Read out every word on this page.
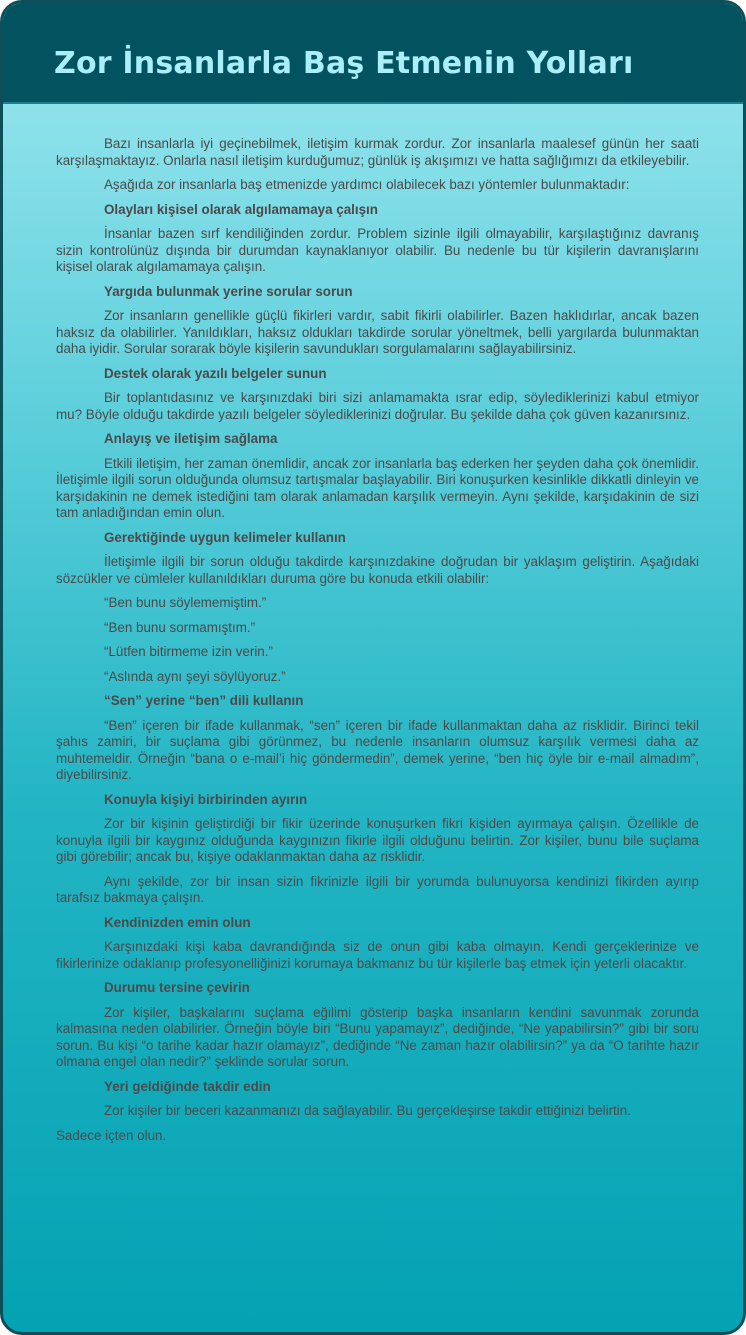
Zor İnsanlarla Baş Etmenin Yolları

Bazı insanlarla iyi geçinebilmek, iletişim kurmak zordur. Zor insanlarla maalesef günün her saati karşılaşmaktayız. Onlarla nasıl iletişim kurduğumuz; günlük iş akışımızı ve hatta sağlığımızı da etkileyebilir.

Aşağıda zor insanlarla baş etmenizde yardımcı olabilecek bazı yöntemler bulunmaktadır:

Olayları kişisel olarak algılamamaya çalışın

İnsanlar bazen sırf kendiliğinden zordur. Problem sizinle ilgili olmayabilir, karşılaştığınız davranış sizin kontrolünüz dışında bir durumdan kaynaklanıyor olabilir. Bu nedenle bu tür kişilerin davranışlarını kişisel olarak algılamamaya çalışın.

Yargıda bulunmak yerine sorular sorun

Zor insanların genellikle güçlü fikirleri vardır, sabit fikirli olabilirler. Bazen haklıdırlar, ancak bazen haksız da olabilirler. Yanıldıkları, haksız oldukları takdirde sorular yöneltmek, belli yargılarda bulunmaktan daha iyidir. Sorular sorarak böyle kişilerin savundukları sorgulamalarını sağlayabilirsiniz.

Destek olarak yazılı belgeler sunun

Bir toplantıdasınız ve karşınızdaki biri sizi anlamamakta ısrar edip, söylediklerinizi kabul etmiyor mu? Böyle olduğu takdirde yazılı belgeler söylediklerinizi doğrular. Bu şekilde daha çok güven kazanırsınız.

Anlayış ve iletişim sağlama

Etkili iletişim, her zaman önemlidir, ancak zor insanlarla baş ederken her şeyden daha çok önemlidir. İletişimle ilgili sorun olduğunda olumsuz tartışmalar başlayabilir. Biri konuşurken kesinlikle dikkatli dinleyin ve karşıdakinin ne demek istediğini tam olarak anlamadan karşılık vermeyin. Aynı şekilde, karşıdakinin de sizi tam anladığından emin olun.

Gerektiğinde uygun kelimeler kullanın

İletişimle ilgili bir sorun olduğu takdirde karşınızdakine doğrudan bir yaklaşım geliştirin. Aşağıdaki sözcükler ve cümleler kullanıldıkları duruma göre bu konuda etkili olabilir:

“Ben bunu söylememiştim.”

“Ben bunu sormamıştım.”

“Lütfen bitirmeme izin verin.”

“Aslında aynı şeyi söylüyoruz.”

“Sen” yerine “ben” dili kullanın

“Ben” içeren bir ifade kullanmak, “sen” içeren bir ifade kullanmaktan daha az risklidir. Birinci tekil şahıs zamiri, bir suçlama gibi görünmez, bu nedenle insanların olumsuz karşılık vermesi daha az muhtemeldir. Örneğin “bana o e-mail’i hiç göndermedin”, demek yerine, “ben hiç öyle bir e-mail almadım”, diyebilirsiniz.

Konuyla kişiyi birbirinden ayırın

Zor bir kişinin geliştirdiği bir fikir üzerinde konuşurken fikri kişiden ayırmaya çalışın. Özellikle de konuyla ilgili bir kaygınız olduğunda kaygınızın fikirle ilgili olduğunu belirtin. Zor kişiler, bunu bile suçlama gibi görebilir; ancak bu, kişiye odaklanmaktan daha az risklidir.

Aynı şekilde, zor bir insan sizin fikrinizle ilgili bir yorumda bulunuyorsa kendinizi fikirden ayırıp tarafsız bakmaya çalışın.

Kendinizden emin olun

Karşınızdaki kişi kaba davrandığında siz de onun gibi kaba olmayın. Kendi gerçeklerinize ve fikirlerinize odaklanıp profesyonelliğinizi korumaya bakmanız bu tür kişilerle baş etmek için yeterli olacaktır.

Durumu tersine çevirin

Zor kişiler, başkalarını suçlama eğilimi gösterip başka insanların kendini savunmak zorunda kalmasına neden olabilirler. Örneğin böyle biri “Bunu yapamayız”, dediğinde, “Ne yapabilirsin?” gibi bir soru sorun. Bu kişi “o tarihe kadar hazır olamayız”, dediğinde “Ne zaman hazır olabilirsin?” ya da “O tarihte hazır olmana engel olan nedir?” şeklinde sorular sorun.

Yeri geldiğinde takdir edin

Zor kişiler bir beceri kazanmanızı da sağlayabilir. Bu gerçekleşirse takdir ettiğinizi belirtin.

Sadece içten olun.
